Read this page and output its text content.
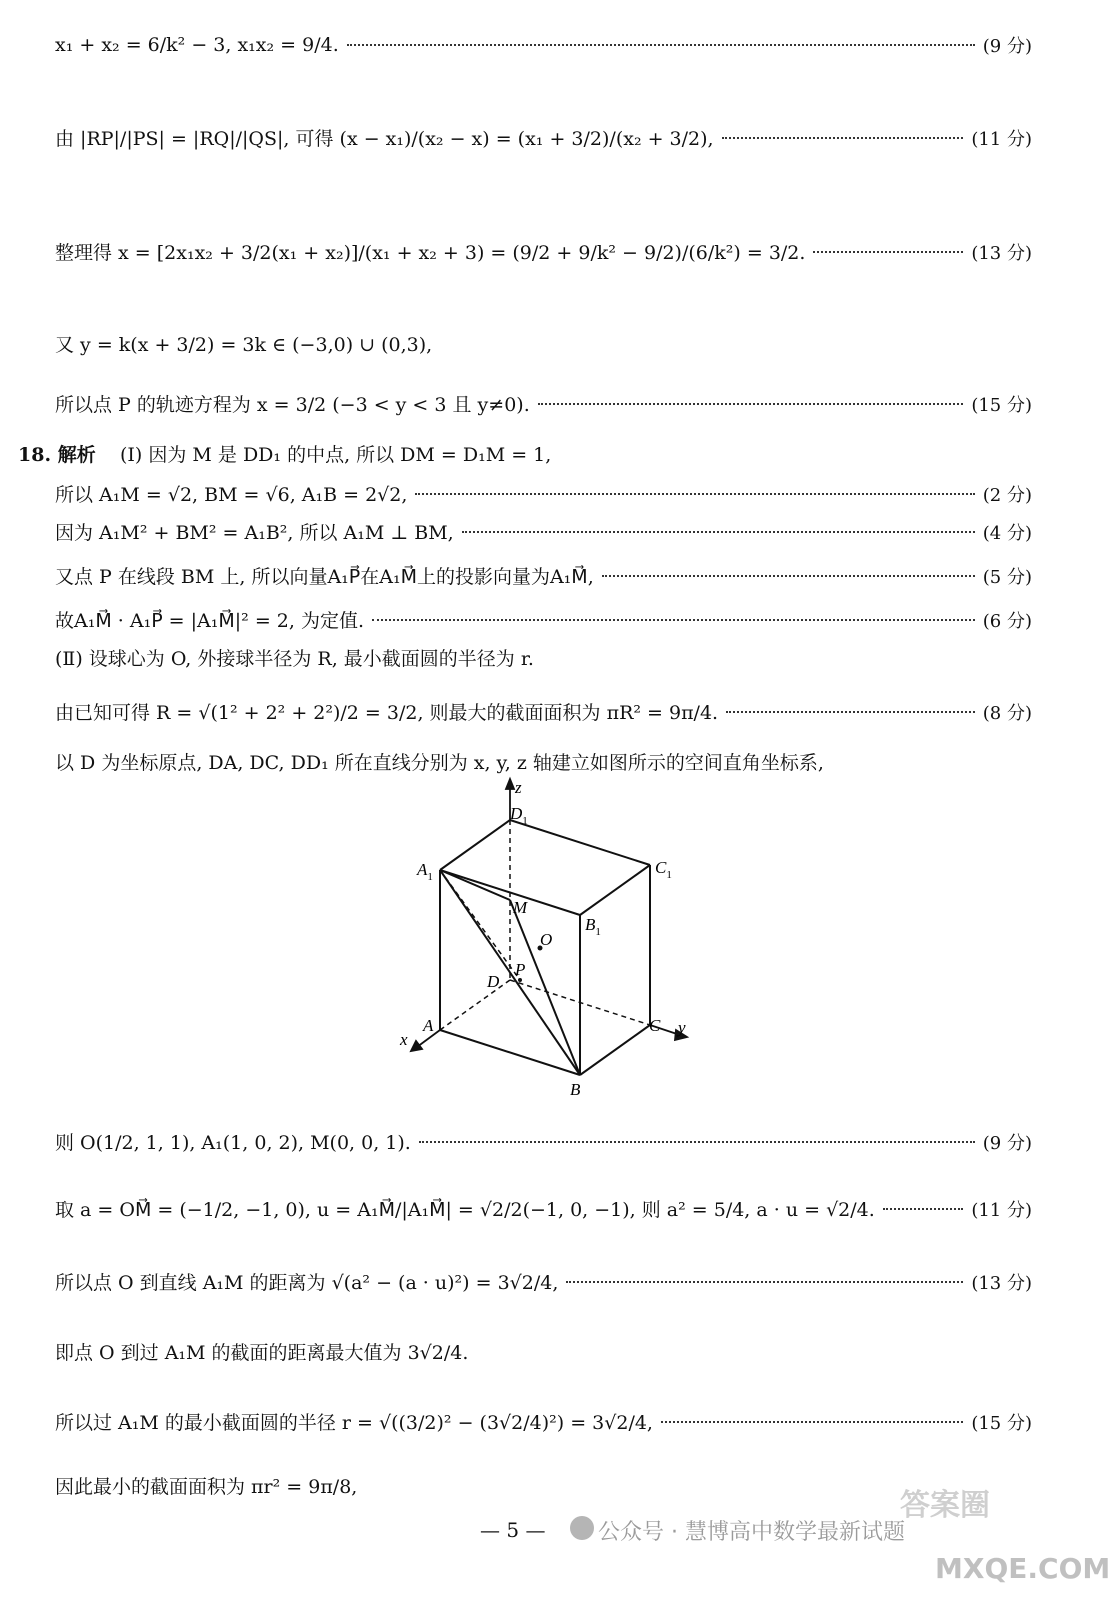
x₁ + x₂ = 6/k² − 3, x₁x₂ = 9/4.	(9 分)
由 |RP|/|PS| = |RQ|/|QS|, 可得 (x − x₁)/(x₂ − x) = (x₁ + 3/2)/(x₂ + 3/2),	(11 分)
整理得 x = [2x₁x₂ + 3/2(x₁ + x₂)]/(x₁ + x₂ + 3) = (9/2 + 9/k² − 9/2)/(6/k²) = 3/2.	(13 分)
又 y = k(x + 3/2) = 3k ∈ (−3,0) ∪ (0,3),
所以点 P 的轨迹方程为 x = 3/2 (−3 < y < 3 且 y≠0).	(15 分)
18. 解析 (Ⅰ) 因为 M 是 DD₁ 的中点, 所以 DM = D₁M = 1,
所以 A₁M = √2, BM = √6, A₁B = 2√2,	(2 分)
因为 A₁M² + BM² = A₁B², 所以 A₁M ⊥ BM,	(4 分)
又点 P 在线段 BM 上, 所以向量A₁P⃗在A₁M⃗上的投影向量为A₁M⃗,	(5 分)
故A₁M⃗ · A₁P⃗ = |A₁M⃗|² = 2, 为定值.	(6 分)
(Ⅱ) 设球心为 O, 外接球半径为 R, 最小截面圆的半径为 r.
由已知可得 R = √(1² + 2² + 2²)/2 = 3/2, 则最大的截面面积为 πR² = 9π/4.	(8 分)
以 D 为坐标原点, DA, DC, DD₁ 所在直线分别为 x, y, z 轴建立如图所示的空间直角坐标系,
z
$D_1$
$A_1$	$C_1$
M
$B_1$
O
P
D
A	C y
x
B
则 O(1/2, 1, 1), A₁(1, 0, 2), M(0, 0, 1).	(9 分)
取 a = OM⃗ = (−1/2, −1, 0), u = A₁M⃗/|A₁M⃗| = √2/2(−1, 0, −1), 则 a² = 5/4, a · u = √2/4.	(11 分)
所以点 O 到直线 A₁M 的距离为 √(a² − (a · u)²) = 3√2/4,	(13 分)
即点 O 到过 A₁M 的截面的距离最大值为 3√2/4.
所以过 A₁M 的最小截面圆的半径 r = √((3/2)² − (3√2/4)²) = 3√2/4,	(15 分)
因此最小的截面面积为 πr² = 9π/8,
— 5 — 公众号 · 慧博高中数学最新试题
答案圈
MXQE.COM
